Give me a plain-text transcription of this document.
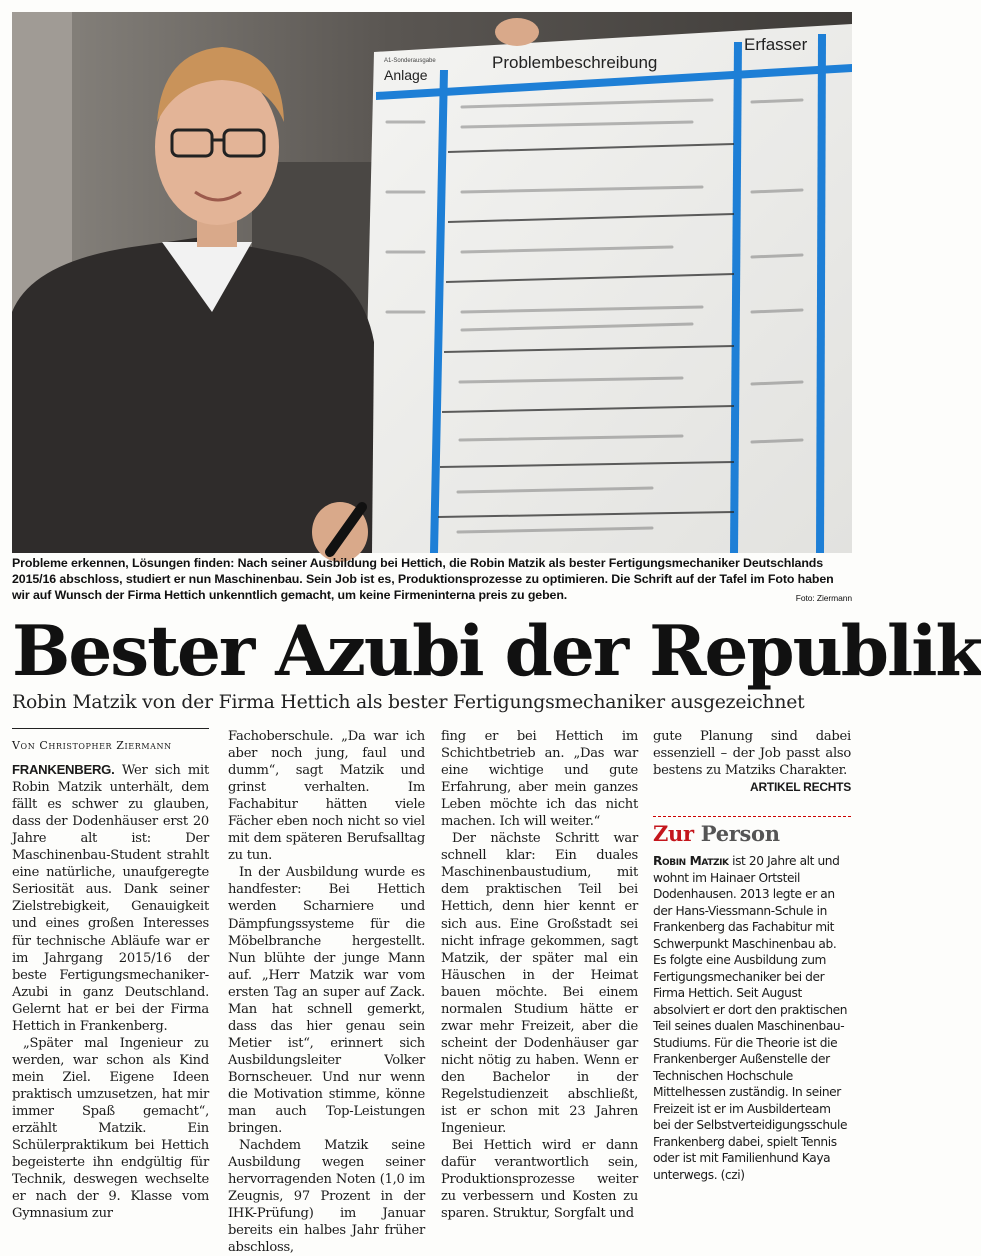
Anlage
Problembeschreibung
Erfasser
A1-Sonderausgabe
Probleme erkennen, Lösungen finden: Nach seiner Ausbildung bei Hettich, die Robin Matzik als bester Fertigungsmechaniker Deutschlands 2015/16 abschloss, studiert er nun Maschinenbau. Sein Job ist es, Produktionsprozesse zu optimieren. Die Schrift auf der Tafel im Foto haben wir auf Wunsch der Firma Hettich unkenntlich gemacht, um keine Firmeninterna preis zu geben.	Foto: Ziermann
Bester Azubi der Republik
Robin Matzik von der Firma Hettich als bester Fertigungsmechaniker ausgezeichnet
Von Christopher Ziermann

FRANKENBERG. Wer sich mit Robin Matzik unterhält, dem fällt es schwer zu glauben, dass der Dodenhäuser erst 20 Jahre alt ist: Der Maschinenbau-Student strahlt eine natürliche, unaufgeregte Seriosität aus. Dank seiner Zielstrebigkeit, Genauigkeit und eines großen Interesses für technische Abläufe war er im Jahrgang 2015/16 der beste Fertigungsmechaniker-Azubi in ganz Deutschland. Gelernt hat er bei der Firma Hettich in Frankenberg.

„Später mal Ingenieur zu werden, war schon als Kind mein Ziel. Eigene Ideen praktisch umzusetzen, hat mir immer Spaß gemacht“, erzählt Matzik. Ein Schülerpraktikum bei Hettich begeisterte ihn endgültig für Technik, deswegen wechselte er nach der 9. Klasse vom Gymnasium zur

Fachoberschule. „Da war ich aber noch jung, faul und dumm“, sagt Matzik und grinst verhalten. Im Fachabitur hätten viele Fächer eben noch nicht so viel mit dem späteren Berufsalltag zu tun.

In der Ausbildung wurde es handfester: Bei Hettich werden Scharniere und Dämpfungssysteme für die Möbelbranche hergestellt. Nun blühte der junge Mann auf. „Herr Matzik war vom ersten Tag an super auf Zack. Man hat schnell gemerkt, dass das hier genau sein Metier ist“, erinnert sich Ausbildungsleiter Volker Bornscheuer. Und nur wenn die Motivation stimme, könne man auch Top-Leistungen bringen.

Nachdem Matzik seine Ausbildung wegen seiner hervorragenden Noten (1,0 im Zeugnis, 97 Prozent in der IHK-Prüfung) im Januar bereits ein halbes Jahr früher abschloss,

fing er bei Hettich im Schichtbetrieb an. „Das war eine wichtige und gute Erfahrung, aber mein ganzes Leben möchte ich das nicht machen. Ich will weiter.“

Der nächste Schritt war schnell klar: Ein duales Maschinenbaustudium, mit dem praktischen Teil bei Hettich, denn hier kennt er sich aus. Eine Großstadt sei nicht infrage gekommen, sagt Matzik, der später mal ein Häuschen in der Heimat bauen möchte. Bei einem normalen Studium hätte er zwar mehr Freizeit, aber die scheint der Dodenhäuser gar nicht nötig zu haben. Wenn er den Bachelor in der Regelstudienzeit abschließt, ist er schon mit 23 Jahren Ingenieur.

Bei Hettich wird er dann dafür verantwortlich sein, Produktionsprozesse weiter zu verbessern und Kosten zu sparen. Struktur, Sorgfalt und

gute Planung sind dabei essenziell – der Job passt also bestens zu Matziks Charakter.

ARTIKEL RECHTS
Zur Person
Robin Matzik ist 20 Jahre alt und wohnt im Hainaer Ortsteil Dodenhausen. 2013 legte er an der Hans-Viessmann-Schule in Frankenberg das Fachabitur mit Schwerpunkt Maschinenbau ab. Es folgte eine Ausbildung zum Fertigungsmechaniker bei der Firma Hettich. Seit August absolviert er dort den praktischen Teil seines dualen Maschinenbau-Studiums. Für die Theorie ist die Frankenberger Außenstelle der Technischen Hochschule Mittelhessen zuständig. In seiner Freizeit ist er im Ausbilderteam bei der Selbstverteidigungsschule Frankenberg dabei, spielt Tennis oder ist mit Familienhund Kaya unterwegs. (czi)
